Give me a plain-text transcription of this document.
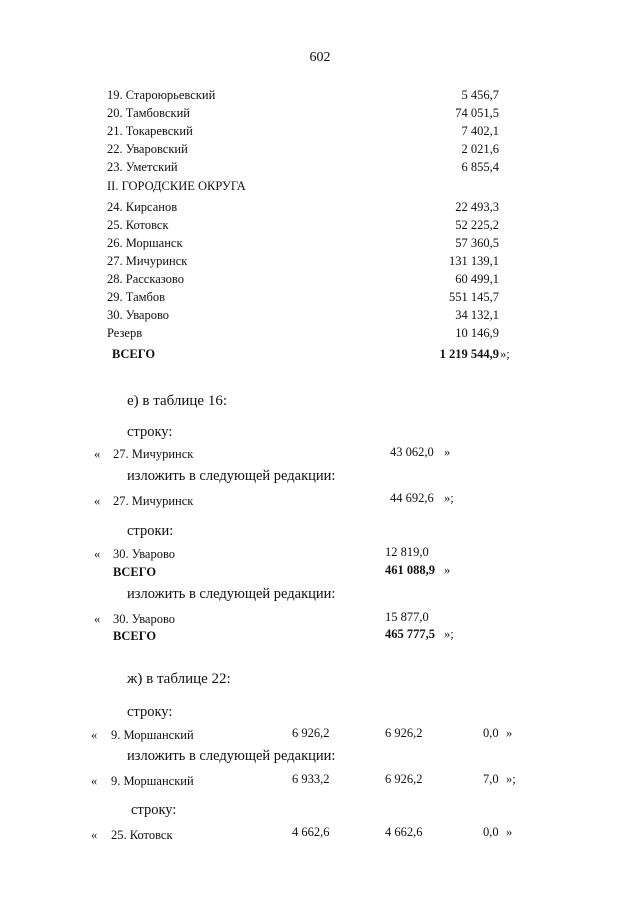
602
19. Староюрьевский	5 456,7
20. Тамбовский	74 051,5
21. Токаревский	7 402,1
22. Уваровский	2 021,6
23. Уметский	6 855,4
II. ГОРОДСКИЕ ОКРУГА
24. Кирсанов	22 493,3
25. Котовск	52 225,2
26. Моршанск	57 360,5
27. Мичуринск	131 139,1
28. Рассказово	60 499,1
29. Тамбов	551 145,7
30. Уварово	34 132,1
Резерв	10 146,9
ВСЕГО	1 219 544,9 »;
е) в таблице 16:
строку:
« 27. Мичуринск	43 062,0 »
изложить в следующей редакции:
« 27. Мичуринск	44 692,6 »;
строки:
« 30. Уварово	12 819,0
ВСЕГО	461 088,9 »
изложить в следующей редакции:
« 30. Уварово	15 877,0
ВСЕГО	465 777,5 »;
ж) в таблице 22:
строку:
« 9. Моршанский	6 926,2	6 926,2	0,0 »
изложить в следующей редакции:
« 9. Моршанский	6 933,2	6 926,2	7,0 »;
строку:
« 25. Котовск	4 662,6	4 662,6	0,0 »
